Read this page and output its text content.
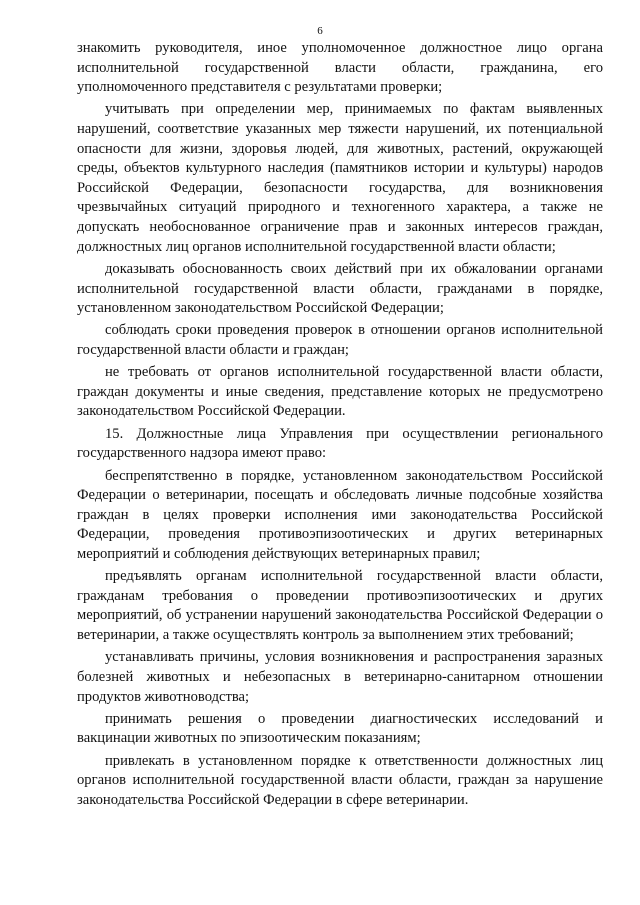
6

знакомить руководителя, иное уполномоченное должностное лицо органа исполнительной государственной власти области, гражданина, его уполномоченного представителя с результатами проверки;

учитывать при определении мер, принимаемых по фактам выявленных нарушений, соответствие указанных мер тяжести нарушений, их потенциальной опасности для жизни, здоровья людей, для животных, растений, окружающей среды, объектов культурного наследия (памятников истории и культуры) народов Российской Федерации, безопасности государства, для возникновения чрезвычайных ситуаций природного и техногенного характера, а также не допускать необоснованное ограничение прав и законных интересов граждан, должностных лиц органов исполнительной государственной власти области;

доказывать обоснованность своих действий при их обжаловании органами исполнительной государственной власти области, гражданами в порядке, установленном законодательством Российской Федерации;

соблюдать сроки проведения проверок в отношении органов исполнительной государственной власти области и граждан;

не требовать от органов исполнительной государственной власти области, граждан документы и иные сведения, представление которых не предусмотрено законодательством Российской Федерации.

15. Должностные лица Управления при осуществлении регионального государственного надзора имеют право:

беспрепятственно в порядке, установленном законодательством Российской Федерации о ветеринарии, посещать и обследовать личные подсобные хозяйства граждан в целях проверки исполнения ими законодательства Российской Федерации, проведения противоэпизоотических и других ветеринарных мероприятий и соблюдения действующих ветеринарных правил;

предъявлять органам исполнительной государственной власти области, гражданам требования о проведении противоэпизоотических и других мероприятий, об устранении нарушений законодательства Российской Федерации о ветеринарии, а также осуществлять контроль за выполнением этих требований;

устанавливать причины, условия возникновения и распространения заразных болезней животных и небезопасных в ветеринарно-санитарном отношении продуктов животноводства;

принимать решения о проведении диагностических исследований и вакцинации животных по эпизоотическим показаниям;

привлекать в установленном порядке к ответственности должностных лиц органов исполнительной государственной власти области, граждан за нарушение законодательства Российской Федерации в сфере ветеринарии.
